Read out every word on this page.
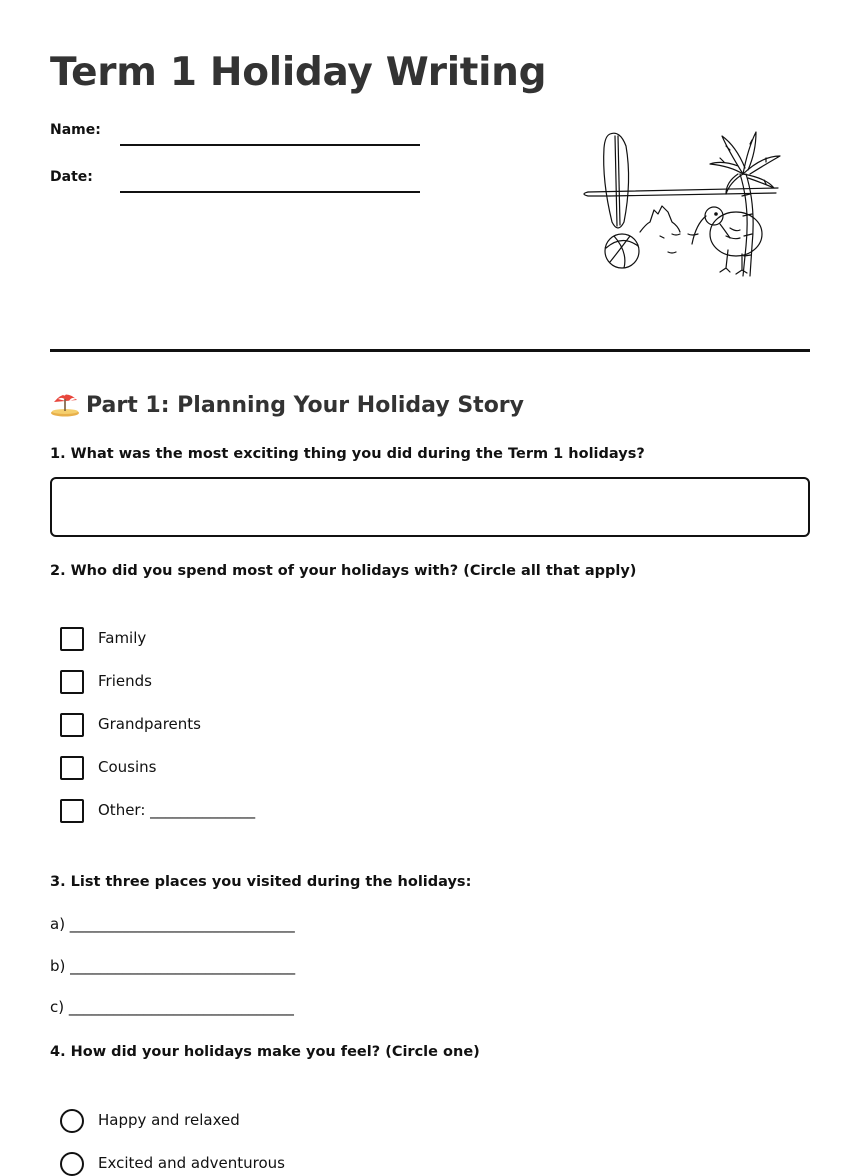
Term 1 Holiday Writing
Name:
Date:
Part 1: Planning Your Holiday Story
1. What was the most exciting thing you did during the Term 1 holidays?
2. Who did you spend most of your holidays with? (Circle all that apply)
Family
Friends
Grandparents
Cousins
Other: ______________
3. List three places you visited during the holidays:
a) ______________________________
b) ______________________________
c) ______________________________
4. How did your holidays make you feel? (Circle one)
Happy and relaxed
Excited and adventurous
